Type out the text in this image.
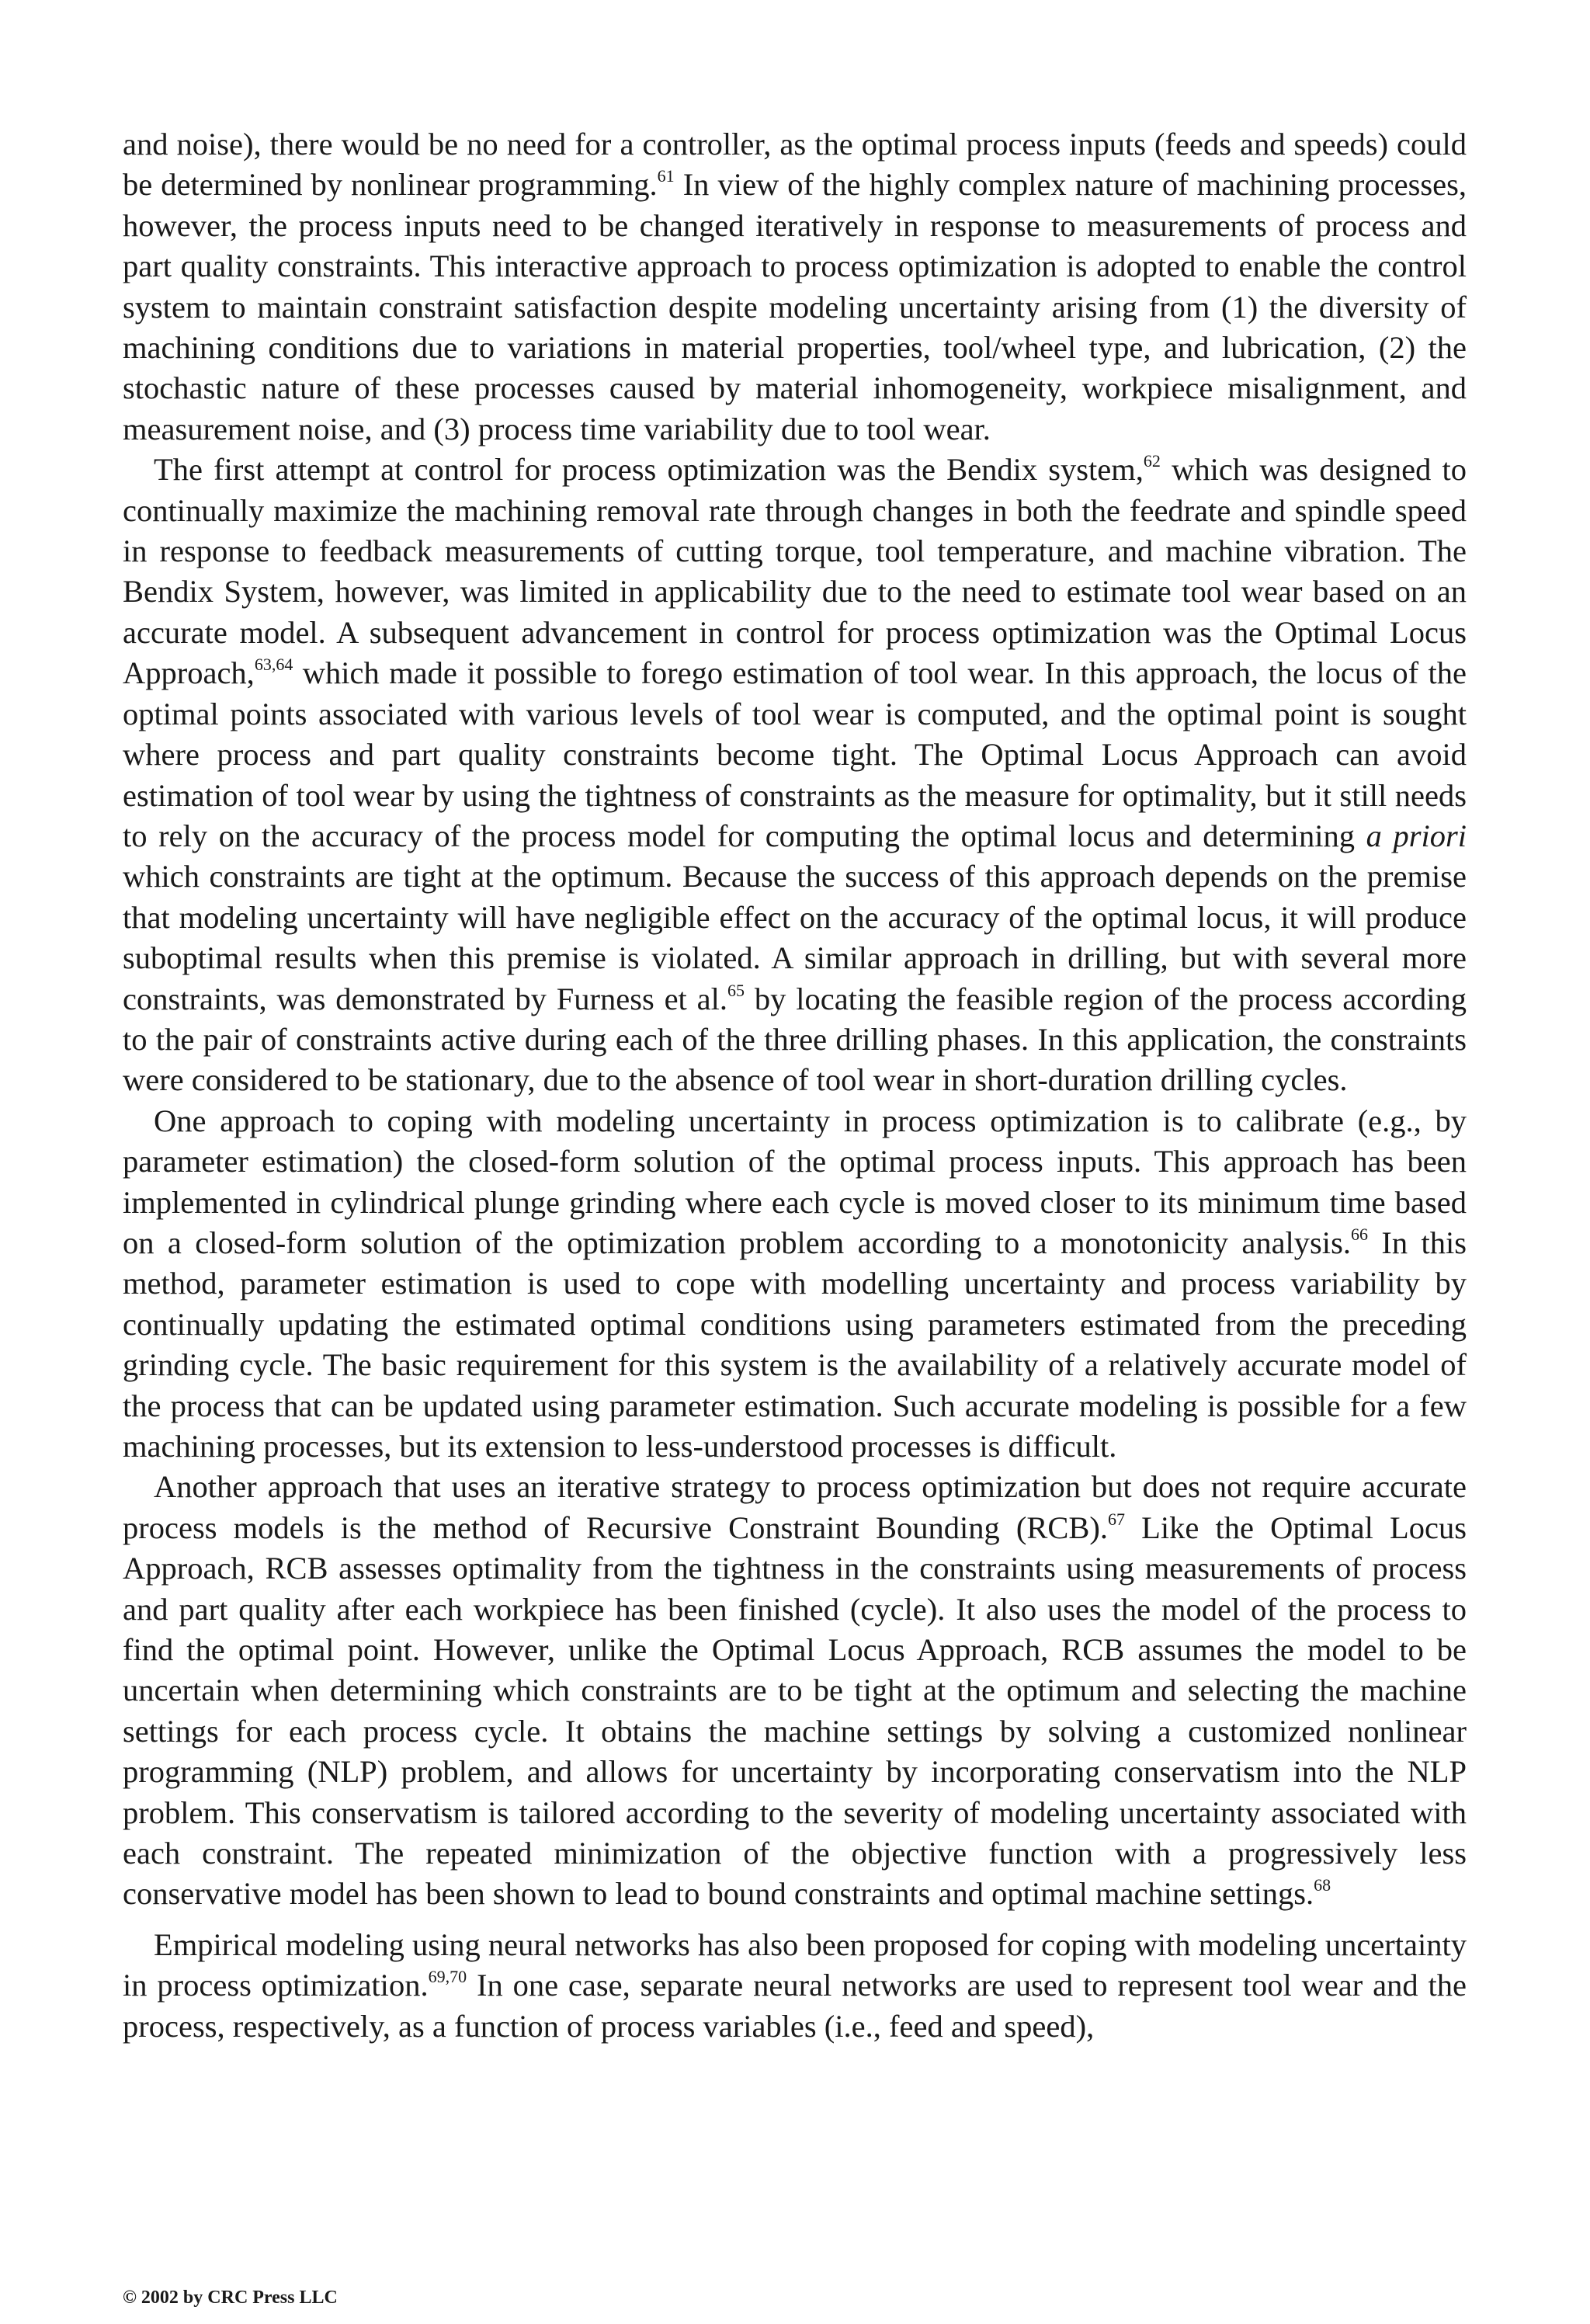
and noise), there would be no need for a controller, as the optimal process inputs (feeds and speeds) could be determined by nonlinear programming.$^{61}$ In view of the highly complex nature of machining processes, however, the process inputs need to be changed iteratively in response to measurements of process and part quality constraints. This interactive approach to process optimization is adopted to enable the control system to maintain constraint satisfaction despite modeling uncertainty arising from (1) the diversity of machining conditions due to variations in material properties, tool/wheel type, and lubrication, (2) the stochastic nature of these processes caused by material inhomogeneity, workpiece misalignment, and measurement noise, and (3) process time variability due to tool wear.

The first attempt at control for process optimization was the Bendix system,$^{62}$ which was designed to continually maximize the machining removal rate through changes in both the feedrate and spindle speed in response to feedback measurements of cutting torque, tool temperature, and machine vibration. The Bendix System, however, was limited in applicability due to the need to estimate tool wear based on an accurate model. A subsequent advancement in control for process optimization was the Optimal Locus Approach,$^{63,64}$ which made it possible to forego estimation of tool wear. In this approach, the locus of the optimal points associated with various levels of tool wear is computed, and the optimal point is sought where process and part quality constraints become tight. The Optimal Locus Approach can avoid estimation of tool wear by using the tightness of constraints as the measure for optimality, but it still needs to rely on the accuracy of the process model for computing the optimal locus and determining a priori which constraints are tight at the optimum. Because the success of this approach depends on the premise that modeling uncertainty will have negligible effect on the accuracy of the optimal locus, it will produce suboptimal results when this premise is violated. A similar approach in drilling, but with several more constraints, was demonstrated by Furness et al.$^{65}$ by locating the feasible region of the process according to the pair of constraints active during each of the three drilling phases. In this application, the constraints were considered to be stationary, due to the absence of tool wear in short-duration drilling cycles.

One approach to coping with modeling uncertainty in process optimization is to calibrate (e.g., by parameter estimation) the closed-form solution of the optimal process inputs. This approach has been implemented in cylindrical plunge grinding where each cycle is moved closer to its minimum time based on a closed-form solution of the optimization problem according to a monotonicity analysis.$^{66}$ In this method, parameter estimation is used to cope with modelling uncertainty and process variability by continually updating the estimated optimal conditions using parameters estimated from the preceding grinding cycle. The basic requirement for this system is the availability of a relatively accurate model of the process that can be updated using parameter estimation. Such accurate modeling is possible for a few machining processes, but its extension to less-understood processes is difficult.

Another approach that uses an iterative strategy to process optimization but does not require accurate process models is the method of Recursive Constraint Bounding (RCB).$^{67}$ Like the Optimal Locus Approach, RCB assesses optimality from the tightness in the constraints using measurements of process and part quality after each workpiece has been finished (cycle). It also uses the model of the process to find the optimal point. However, unlike the Optimal Locus Approach, RCB assumes the model to be uncertain when determining which constraints are to be tight at the optimum and selecting the machine settings for each process cycle. It obtains the machine settings by solving a customized nonlinear programming (NLP) problem, and allows for uncertainty by incorporating conservatism into the NLP problem. This conservatism is tailored according to the severity of modeling uncertainty associated with each constraint. The repeated minimization of the objective function with a progressively less conservative model has been shown to lead to bound constraints and optimal machine settings.$^{68}$

Empirical modeling using neural networks has also been proposed for coping with modeling uncertainty in process optimization.$^{69,70}$ In one case, separate neural networks are used to represent tool wear and the process, respectively, as a function of process variables (i.e., feed and speed),

© 2002 by CRC Press LLC
